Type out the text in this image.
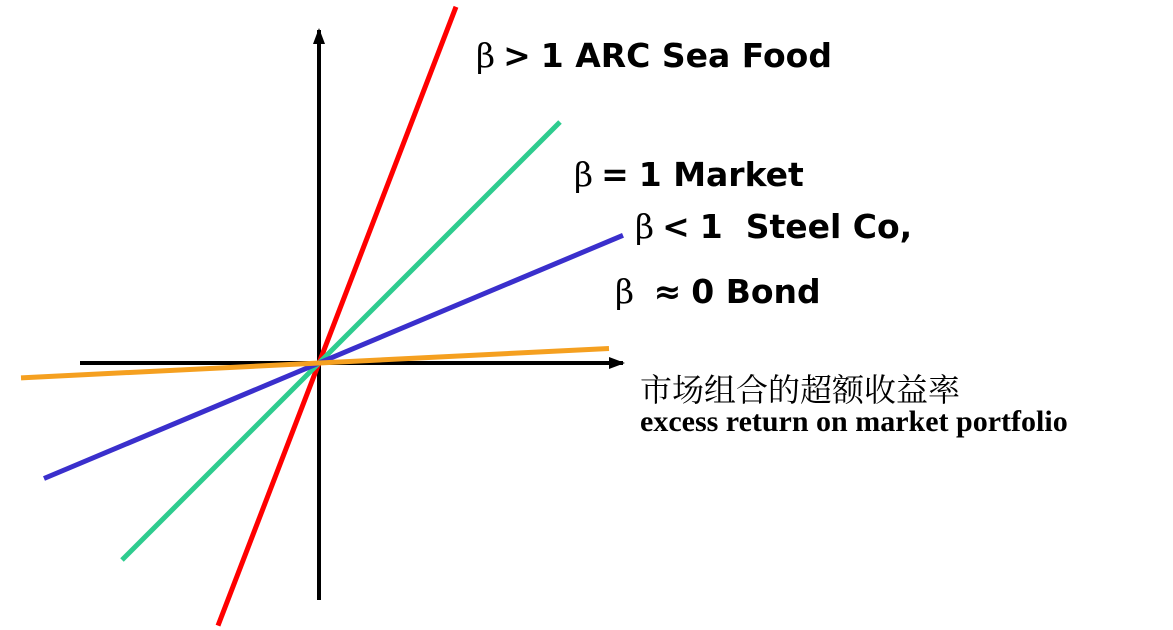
β > 1 ARC Sea Food
β = 1 Market
β < 1 Steel Co,
β ≈ 0 Bond
市场组合的超额收益率
excess return on market portfolio
